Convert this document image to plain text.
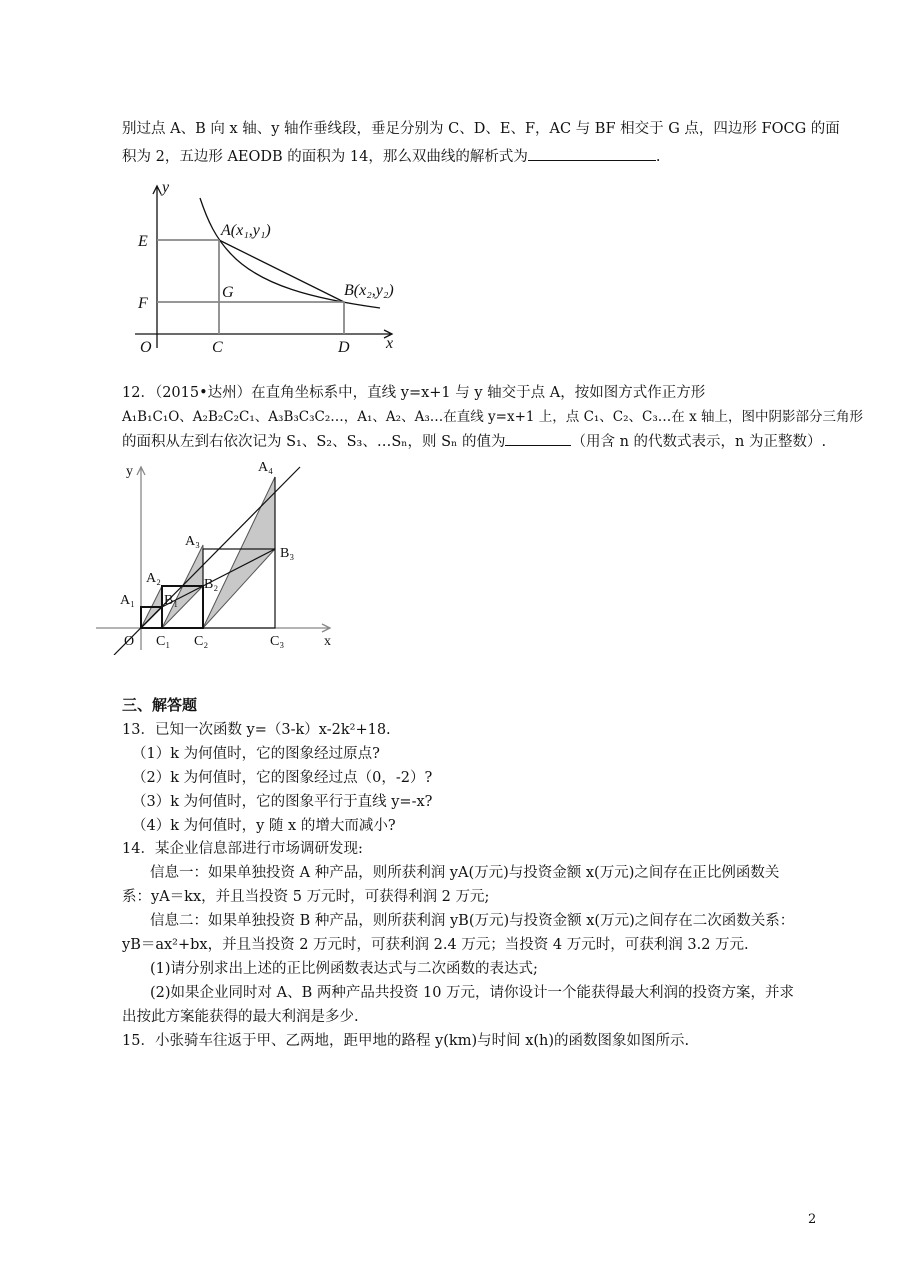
别过点 A、B 向 x 轴、y 轴作垂线段，垂足分别为 C、D、E、F，AC 与 BF 相交于 G 点，四边形 FOCG 的面
积为 2，五边形 AEODB 的面积为 14，那么双曲线的解析式为	.
y
E
F
O	C	D x
G
A(x₁,y₁)
B(x₂,y₂)
12．（2015•达州）在直角坐标系中，直线 y=x+1 与 y 轴交于点 A，按如图方式作正方形
A₁B₁C₁O、A₂B₂C₂C₁、A₃B₃C₃C₂…，A₁、A₂、A₃…在直线 y=x+1 上，点 C₁、C₂、C₃…在 x 轴上，图中阴影部分三角形
的面积从左到右依次记为 S₁、S₂、S₃、…Sₙ，则 Sₙ 的值为	（用含 n 的代数式表示，n 为正整数）.
y
x
O
A₁
A₂
A₃
A₄
B₁
B₂
B₃
C₁ C₂	C₃
三、解答题
13．已知一次函数 y=（3-k）x-2k²+18.
（1）k 为何值时，它的图象经过原点?
（2）k 为何值时，它的图象经过点（0，-2）?
（3）k 为何值时，它的图象平行于直线 y=-x?
（4）k 为何值时，y 随 x 的增大而减小?
14．某企业信息部进行市场调研发现:
信息一：如果单独投资 A 种产品，则所获利润 yA(万元)与投资金额 x(万元)之间存在正比例函数关
系：yA＝kx，并且当投资 5 万元时，可获得利润 2 万元;
信息二：如果单独投资 B 种产品，则所获利润 yB(万元)与投资金额 x(万元)之间存在二次函数关系：
yB＝ax²+bx，并且当投资 2 万元时，可获利润 2.4 万元；当投资 4 万元时，可获利润 3.2 万元.
(1)请分别求出上述的正比例函数表达式与二次函数的表达式;
(2)如果企业同时对 A、B 两种产品共投资 10 万元，请你设计一个能获得最大利润的投资方案，并求
出按此方案能获得的最大利润是多少.
15．小张骑车往返于甲、乙两地，距甲地的路程 y(km)与时间 x(h)的函数图象如图所示.
2
